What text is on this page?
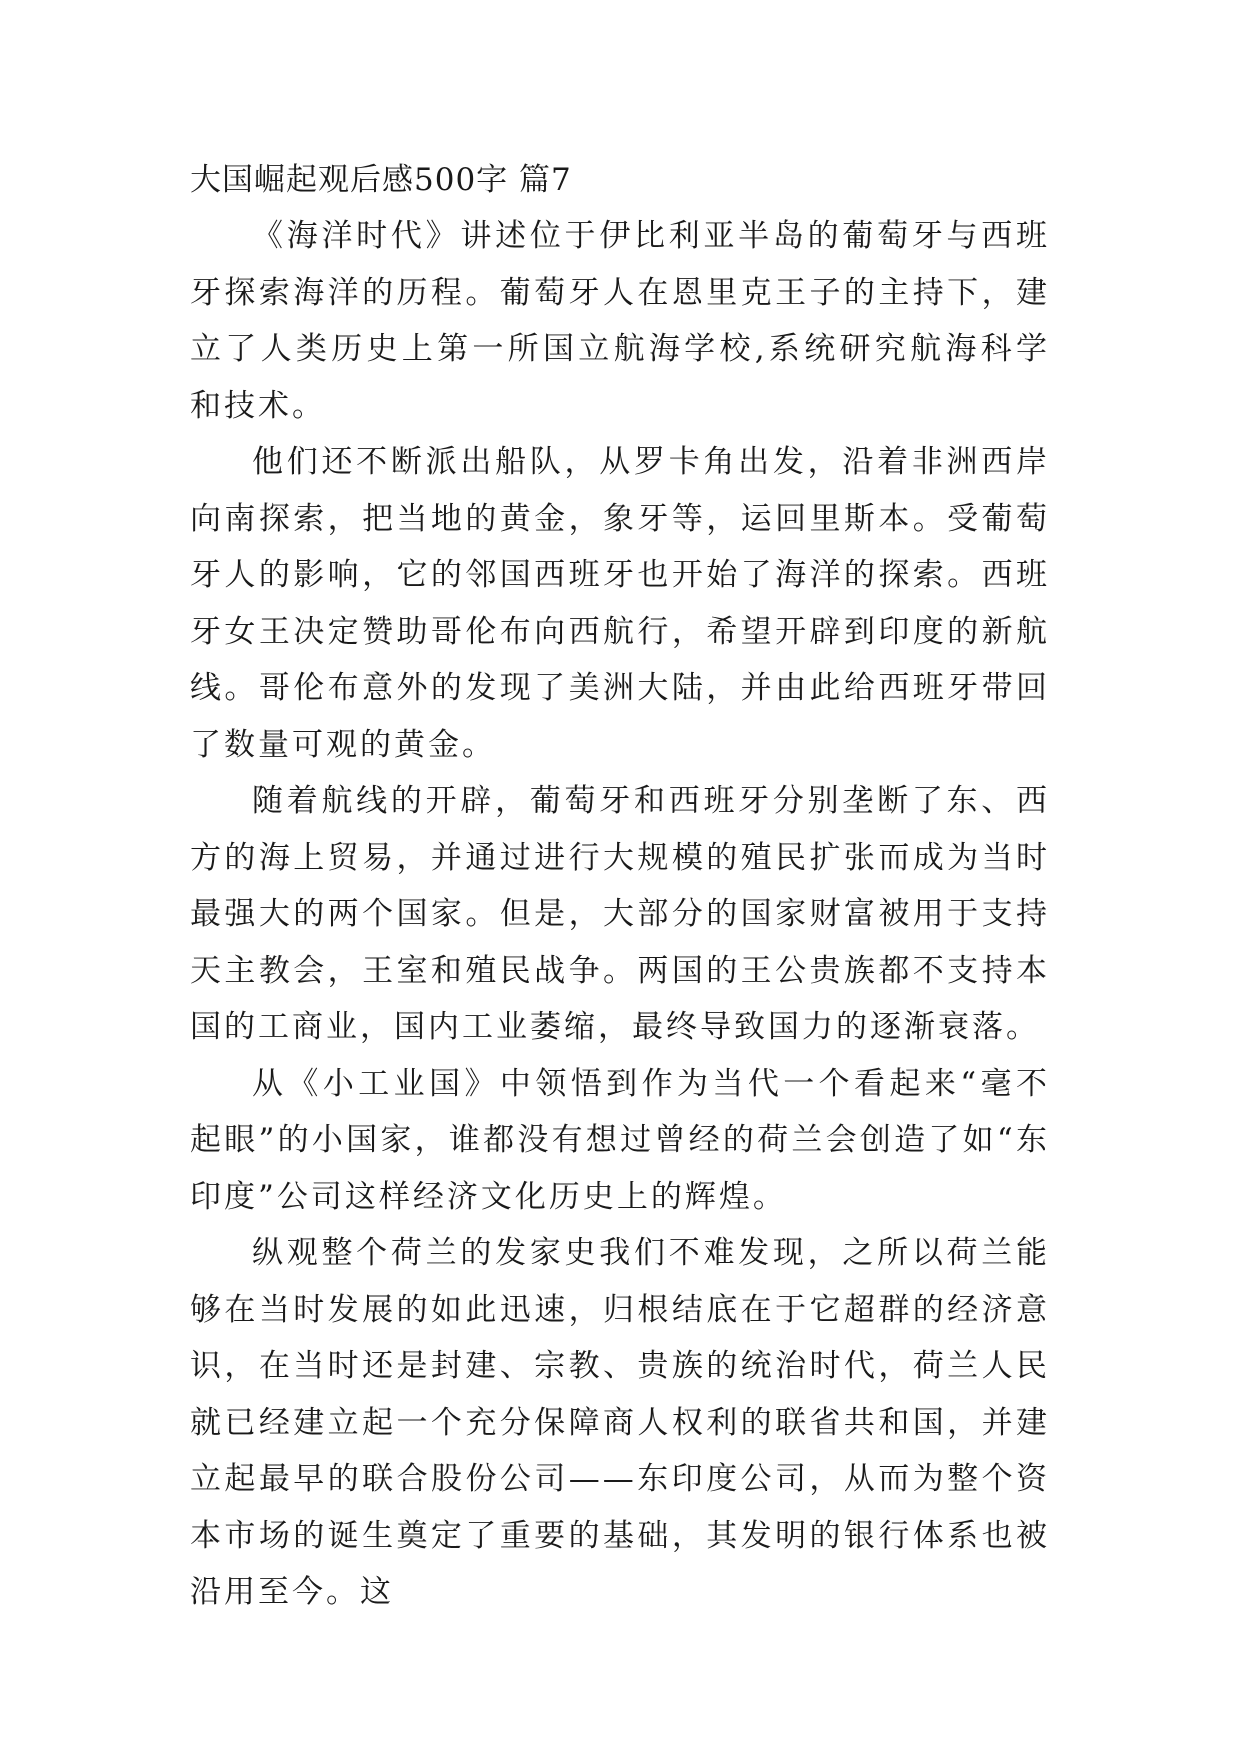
大国崛起观后感500字 篇7

《海洋时代》讲述位于伊比利亚半岛的葡萄牙与西班牙探索海洋的历程。葡萄牙人在恩里克王子的主持下，建立了人类历史上第一所国立航海学校,系统研究航海科学和技术。

他们还不断派出船队，从罗卡角出发，沿着非洲西岸向南探索，把当地的黄金，象牙等，运回里斯本。受葡萄牙人的影响，它的邻国西班牙也开始了海洋的探索。西班牙女王决定赞助哥伦布向西航行，希望开辟到印度的新航线。哥伦布意外的发现了美洲大陆，并由此给西班牙带回了数量可观的黄金。

随着航线的开辟，葡萄牙和西班牙分别垄断了东、西方的海上贸易，并通过进行大规模的殖民扩张而成为当时最强大的两个国家。但是，大部分的国家财富被用于支持天主教会，王室和殖民战争。两国的王公贵族都不支持本国的工商业，国内工业萎缩，最终导致国力的逐渐衰落。

从《小工业国》中领悟到作为当代一个看起来“毫不起眼”的小国家，谁都没有想过曾经的荷兰会创造了如“东印度”公司这样经济文化历史上的辉煌。

纵观整个荷兰的发家史我们不难发现，之所以荷兰能够在当时发展的如此迅速，归根结底在于它超群的经济意识，在当时还是封建、宗教、贵族的统治时代，荷兰人民就已经建立起一个充分保障商人权利的联省共和国，并建立起最早的联合股份公司——东印度公司，从而为整个资本市场的诞生奠定了重要的基础，其发明的银行体系也被沿用至今。这
